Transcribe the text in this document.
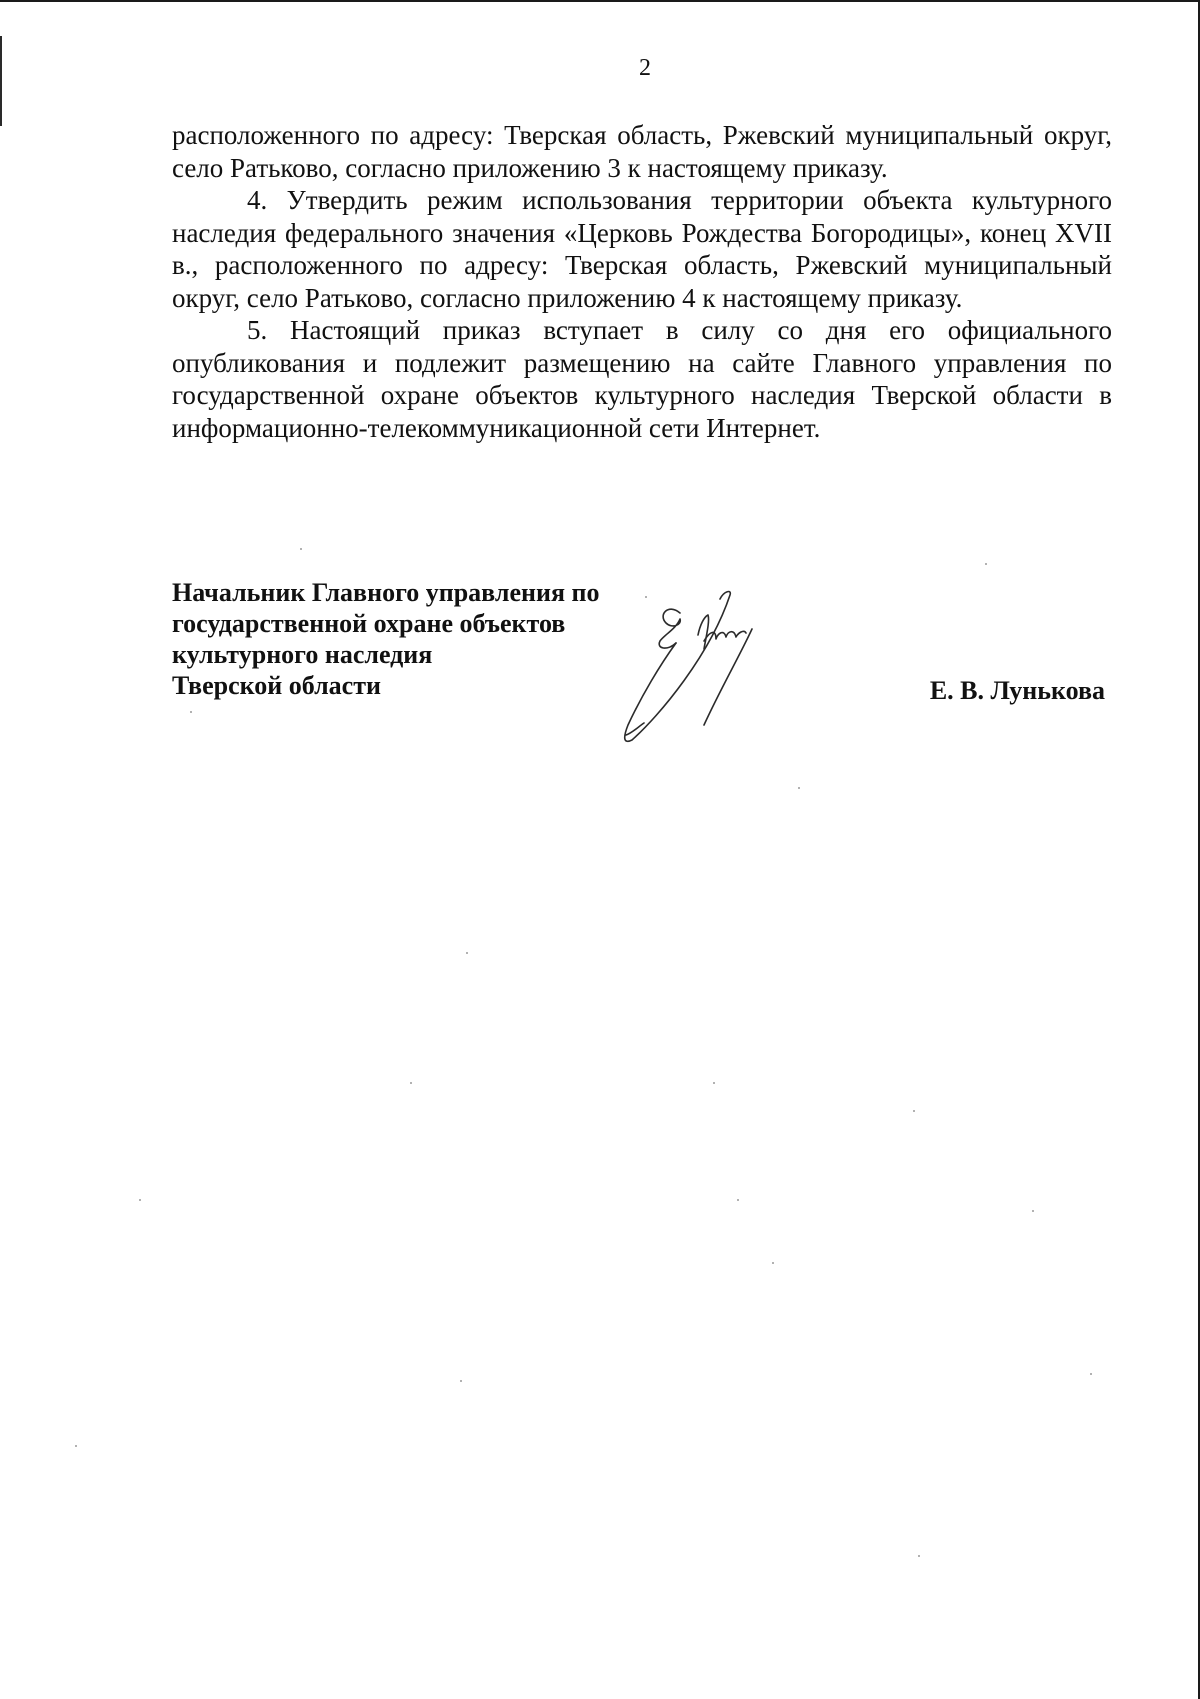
2

расположенного по адресу: Тверская область, Ржевский муниципальный округ, село Ратьково, согласно приложению 3 к настоящему приказу.

4. Утвердить режим использования территории объекта культурного наследия федерального значения «Церковь Рождества Богородицы», конец XVII в., расположенного по адресу: Тверская область, Ржевский муниципальный округ, село Ратьково, согласно приложению 4 к настоящему приказу.

5. Настоящий приказ вступает в силу со дня его официального опубликования и подлежит размещению на сайте Главного управления по государственной охране объектов культурного наследия Тверской области в информационно-телекоммуникационной сети Интернет.

Начальник Главного управления по
государственной охране объектов
культурного наследия
Тверской области	Е. В. Лунькова
